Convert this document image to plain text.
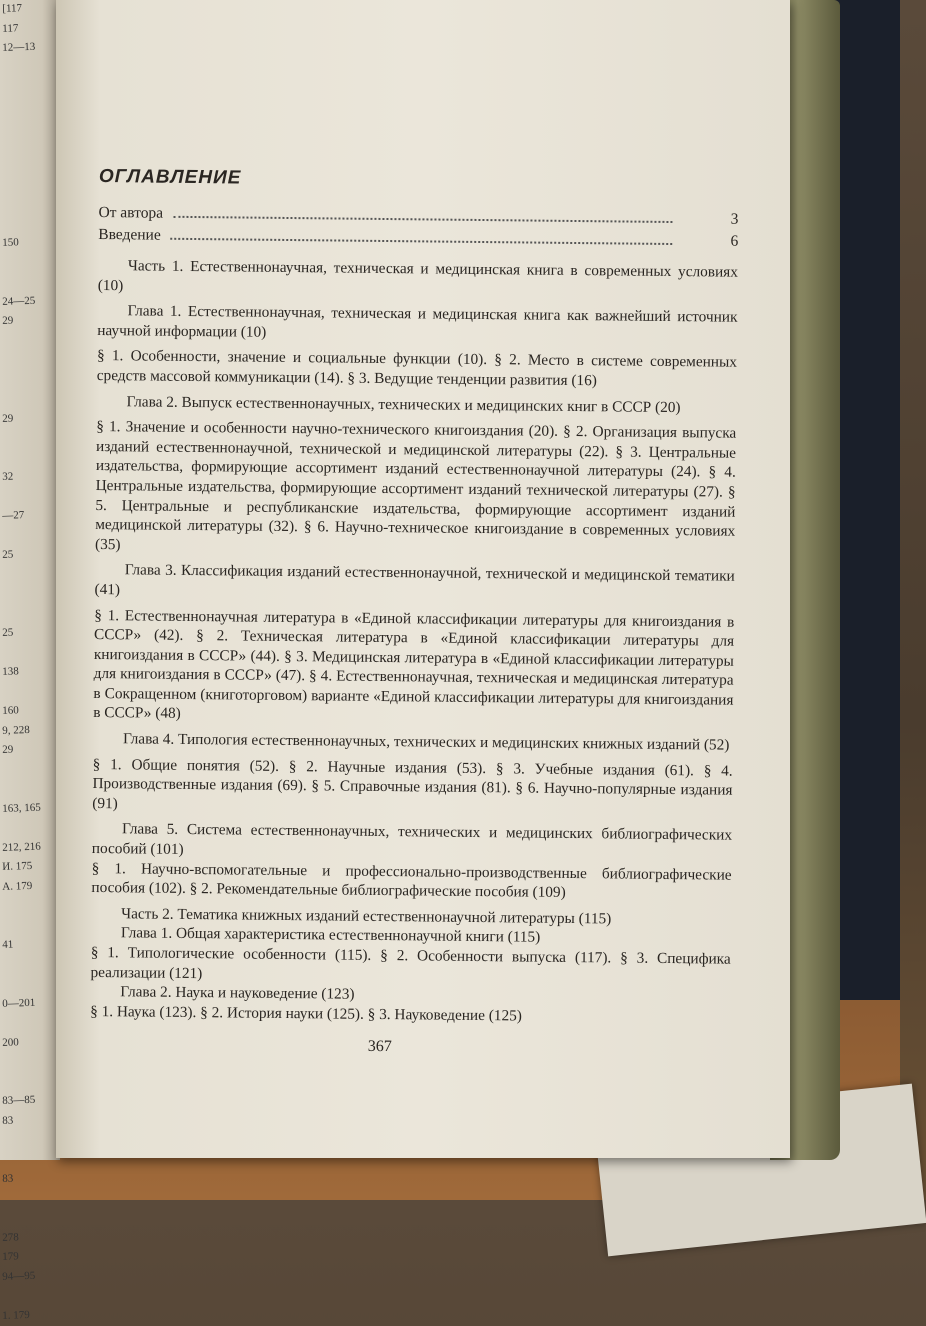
[117
117
12—13

150

24—25
29

29

32

—27

25

25

138

160
9, 228
29

163, 165

212, 216
И. 175
А. 179

41

0—201

200

83—85
83

83

278
179
94—95

1. 179
ОГЛАВЛЕНИЕ
От автора	3
Введение	6

Часть 1. Естественнонаучная, техническая и медицинская книга в современных условиях (10)

Глава 1. Естественнонаучная, техническая и медицинская книга как важнейший источник научной информации (10)

§ 1. Особенности, значение и социальные функции (10). § 2. Место в системе современных средств массовой коммуникации (14). § 3. Ведущие тенденции развития (16)

Глава 2. Выпуск естественнонаучных, технических и медицинских книг в СССР (20)

§ 1. Значение и особенности научно-технического книгоиздания (20). § 2. Организация выпуска изданий естественнонаучной, технической и медицинской литературы (22). § 3. Центральные издательства, формирующие ассортимент изданий естественнонаучной литературы (24). § 4. Центральные издательства, формирующие ассортимент изданий технической литературы (27). § 5. Центральные и республиканские издательства, формирующие ассортимент изданий медицинской литературы (32). § 6. Научно-техническое книгоиздание в современных условиях (35)

Глава 3. Классификация изданий естественнонаучной, технической и медицинской тематики (41)

§ 1. Естественнонаучная литература в «Единой классификации литературы для книгоиздания в СССР» (42). § 2. Техническая литература в «Единой классификации литературы для книгоиздания в СССР» (44). § 3. Медицинская литература в «Единой классификации литературы для книгоиздания в СССР» (47). § 4. Естественнонаучная, техническая и медицинская литература в Сокращенном (книготорговом) варианте «Единой классификации литературы для книгоиздания в СССР» (48)

Глава 4. Типология естественнонаучных, технических и медицинских книжных изданий (52)

§ 1. Общие понятия (52). § 2. Научные издания (53). § 3. Учебные издания (61). § 4. Производственные издания (69). § 5. Справочные издания (81). § 6. Научно-популярные издания (91)

Глава 5. Система естественнонаучных, технических и медицинских библиографических пособий (101)

§ 1. Научно-вспомогательные и профессионально-производственные библиографические пособия (102). § 2. Рекомендательные библиографические пособия (109)

Часть 2. Тематика книжных изданий естественнонаучной литературы (115)

Глава 1. Общая характеристика естественнонаучной книги (115)

§ 1. Типологические особенности (115). § 2. Особенности выпуска (117). § 3. Специфика реализации (121)

Глава 2. Наука и науковедение (123)

§ 1. Наука (123). § 2. История науки (125). § 3. Науковедение (125)

367
